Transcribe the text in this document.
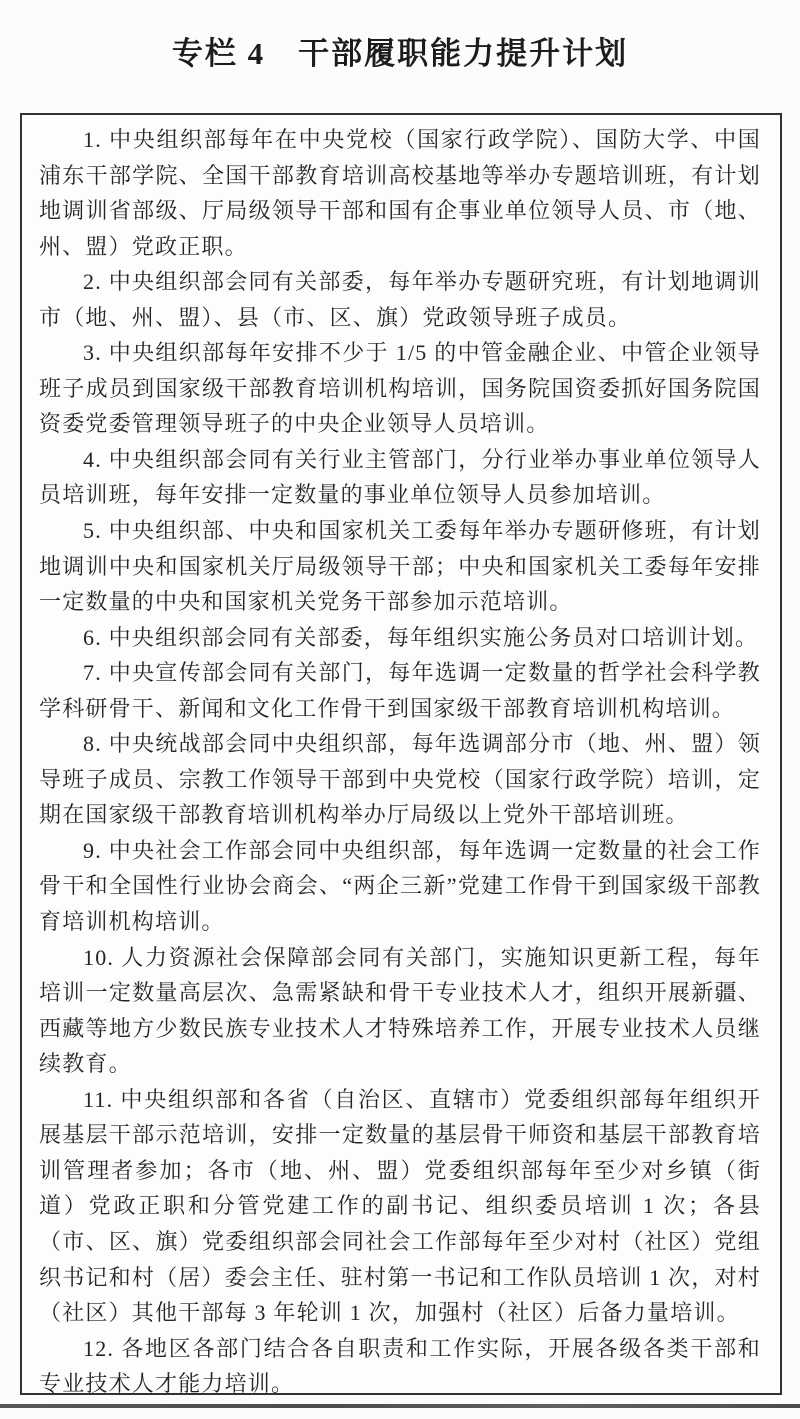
专栏 4　干部履职能力提升计划

1. 中央组织部每年在中央党校（国家行政学院）、国防大学、中国浦东干部学院、全国干部教育培训高校基地等举办专题培训班，有计划地调训省部级、厅局级领导干部和国有企事业单位领导人员、市（地、州、盟）党政正职。

2. 中央组织部会同有关部委，每年举办专题研究班，有计划地调训市（地、州、盟）、县（市、区、旗）党政领导班子成员。

3. 中央组织部每年安排不少于 1/5 的中管金融企业、中管企业领导班子成员到国家级干部教育培训机构培训，国务院国资委抓好国务院国资委党委管理领导班子的中央企业领导人员培训。

4. 中央组织部会同有关行业主管部门，分行业举办事业单位领导人员培训班，每年安排一定数量的事业单位领导人员参加培训。

5. 中央组织部、中央和国家机关工委每年举办专题研修班，有计划地调训中央和国家机关厅局级领导干部；中央和国家机关工委每年安排一定数量的中央和国家机关党务干部参加示范培训。

6. 中央组织部会同有关部委，每年组织实施公务员对口培训计划。

7. 中央宣传部会同有关部门，每年选调一定数量的哲学社会科学教学科研骨干、新闻和文化工作骨干到国家级干部教育培训机构培训。

8. 中央统战部会同中央组织部，每年选调部分市（地、州、盟）领导班子成员、宗教工作领导干部到中央党校（国家行政学院）培训，定期在国家级干部教育培训机构举办厅局级以上党外干部培训班。

9. 中央社会工作部会同中央组织部，每年选调一定数量的社会工作骨干和全国性行业协会商会、“两企三新”党建工作骨干到国家级干部教育培训机构培训。

10. 人力资源社会保障部会同有关部门，实施知识更新工程，每年培训一定数量高层次、急需紧缺和骨干专业技术人才，组织开展新疆、西藏等地方少数民族专业技术人才特殊培养工作，开展专业技术人员继续教育。

11. 中央组织部和各省（自治区、直辖市）党委组织部每年组织开展基层干部示范培训，安排一定数量的基层骨干师资和基层干部教育培训管理者参加；各市（地、州、盟）党委组织部每年至少对乡镇（街道）党政正职和分管党建工作的副书记、组织委员培训 1 次；各县（市、区、旗）党委组织部会同社会工作部每年至少对村（社区）党组织书记和村（居）委会主任、驻村第一书记和工作队员培训 1 次，对村（社区）其他干部每 3 年轮训 1 次，加强村（社区）后备力量培训。

12. 各地区各部门结合各自职责和工作实际，开展各级各类干部和专业技术人才能力培训。
